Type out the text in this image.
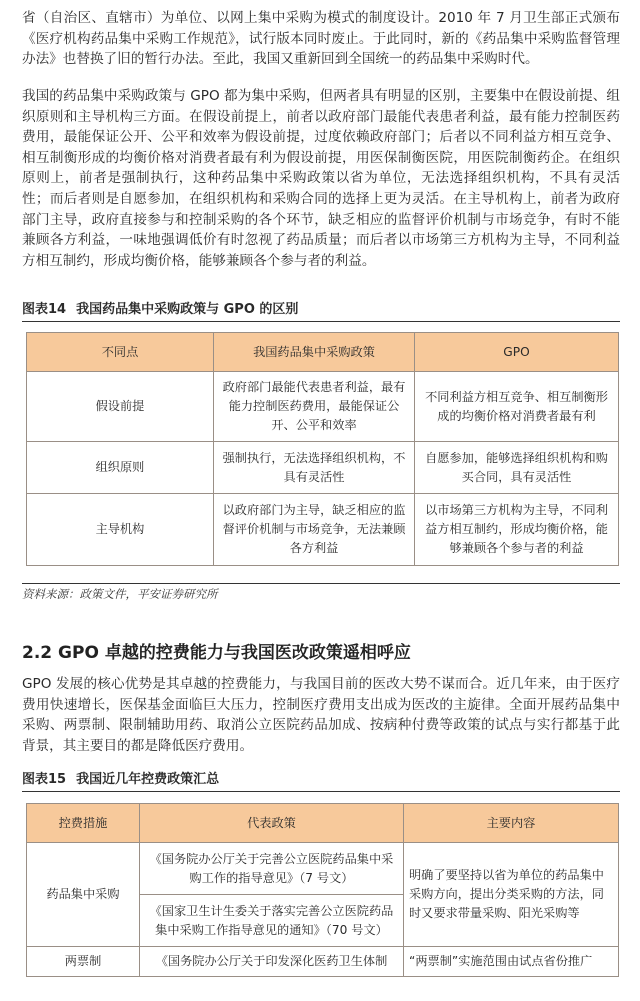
省（自治区、直辖市）为单位、以网上集中采购为模式的制度设计。2010 年 7 月卫生部正式颁布《医疗机构药品集中采购工作规范》，试行版本同时废止。于此同时，新的《药品集中采购监督管理办法》也替换了旧的暂行办法。至此，我国又重新回到全国统一的药品集中采购时代。

我国的药品集中采购政策与 GPO 都为集中采购，但两者具有明显的区别，主要集中在假设前提、组织原则和主导机构三方面。在假设前提上，前者以政府部门最能代表患者利益，最有能力控制医药费用，最能保证公开、公平和效率为假设前提，过度依赖政府部门；后者以不同利益方相互竞争、相互制衡形成的均衡价格对消费者最有利为假设前提，用医保制衡医院，用医院制衡药企。在组织原则上，前者是强制执行，这种药品集中采购政策以省为单位，无法选择组织机构，不具有灵活性；而后者则是自愿参加，在组织机构和采购合同的选择上更为灵活。在主导机构上，前者为政府部门主导，政府直接参与和控制采购的各个环节，缺乏相应的监督评价机制与市场竞争，有时不能兼顾各方利益，一味地强调低价有时忽视了药品质量；而后者以市场第三方机构为主导，不同利益方相互制约，形成均衡价格，能够兼顾各个参与者的利益。

图表14 我国药品集中采购政策与 GPO 的区别
不同点	我国药品集中采购政策	GPO
假设前提	政府部门最能代表患者利益，最有能力控制医药费用，最能保证公开、公平和效率	不同利益方相互竞争、相互制衡形成的均衡价格对消费者最有利
组织原则	强制执行，无法选择组织机构，不具有灵活性	自愿参加，能够选择组织机构和购买合同，具有灵活性
主导机构	以政府部门为主导，缺乏相应的监督评价机制与市场竞争，无法兼顾各方利益	以市场第三方机构为主导，不同利益方相互制约，形成均衡价格，能够兼顾各个参与者的利益
资料来源：政策文件，平安证券研究所
2.2 GPO 卓越的控费能力与我国医改政策遥相呼应

GPO 发展的核心优势是其卓越的控费能力，与我国目前的医改大势不谋而合。近几年来，由于医疗费用快速增长，医保基金面临巨大压力，控制医疗费用支出成为医改的主旋律。全面开展药品集中采购、两票制、限制辅助用药、取消公立医院药品加成、按病种付费等政策的试点与实行都基于此背景，其主要目的都是降低医疗费用。

图表15 我国近几年控费政策汇总
控费措施	代表政策	主要内容
药品集中采购	《国务院办公厅关于完善公立医院药品集中采购工作的指导意见》（7 号文）	明确了要坚持以省为单位的药品集中采购方向，提出分类采购的方法，同时又要求带量采购、阳光采购等
	《国家卫生计生委关于落实完善公立医院药品集中采购工作指导意见的通知》（70 号文）	
两票制	《国务院办公厅关于印发深化医药卫生体制	“两票制”实施范围由试点省份推广
